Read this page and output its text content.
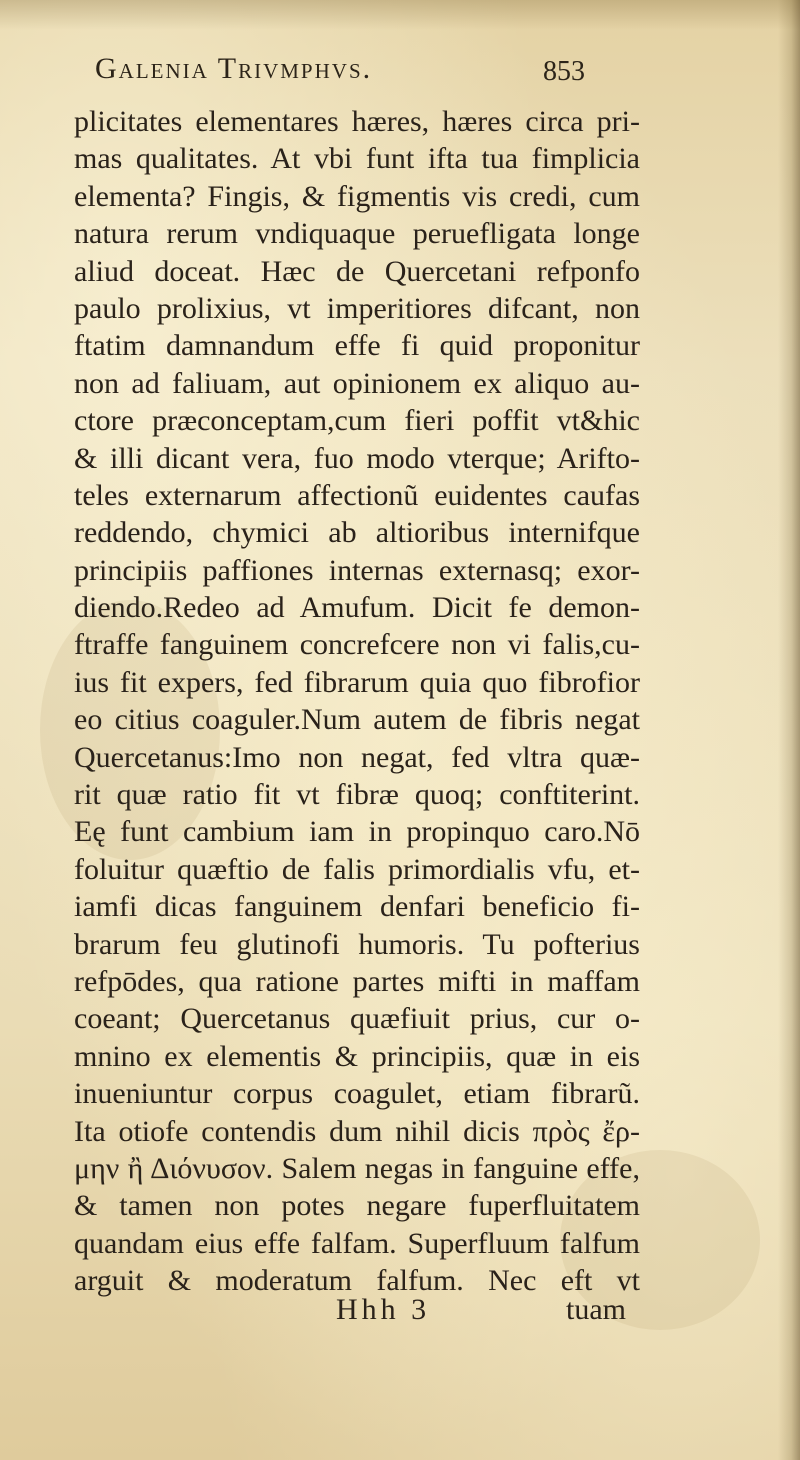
Galenia Trivmphvs.	853
plicitates elementares hæres, hæres circa pri-
mas qualitates. At vbi funt ifta tua fimplicia
elementa? Fingis, & figmentis vis credi, cum
natura rerum vndiquaque peruefligata longe
aliud doceat. Hæc de Quercetani refponfo
paulo prolixius, vt imperitiores difcant, non
ftatim damnandum effe fi quid proponitur
non ad faliuam, aut opinionem ex aliquo au-
ctore præconceptam,cum fieri poffit vt&hic
& illi dicant vera, fuo modo vterque; Arifto-
teles externarum affectionũ euidentes caufas
reddendo, chymici ab altioribus internifque
principiis paffiones internas externasq; exor-
diendo.Redeo ad Amufum. Dicit fe demon-
ftraffe fanguinem concrefcere non vi falis,cu-
ius fit expers, fed fibrarum quia quo fibrofior
eo citius coaguler.Num autem de fibris negat
Quercetanus:Imo non negat, fed vltra quæ-
rit quæ ratio fit vt fibræ quoq; conftiterint.
Eę funt cambium iam in propinquo caro.Nō
foluitur quæftio de falis primordialis vfu, et-
iamfi dicas fanguinem denfari beneficio fi-
brarum feu glutinofi humoris. Tu pofterius
refpōdes, qua ratione partes mifti in maffam
coeant; Quercetanus quæfiuit prius, cur o-
mnino ex elementis & principiis, quæ in eis
inueniuntur corpus coagulet, etiam fibrarũ.
Ita otiofe contendis dum nihil dicis πρὸς ἔρ-
μην ἢ Διόνυσον. Salem negas in fanguine effe,
& tamen non potes negare fuperfluitatem
quandam eius effe falfam. Superfluum falfum
arguit & moderatum falfum. Nec eft vt
Hhh 3	tuam
